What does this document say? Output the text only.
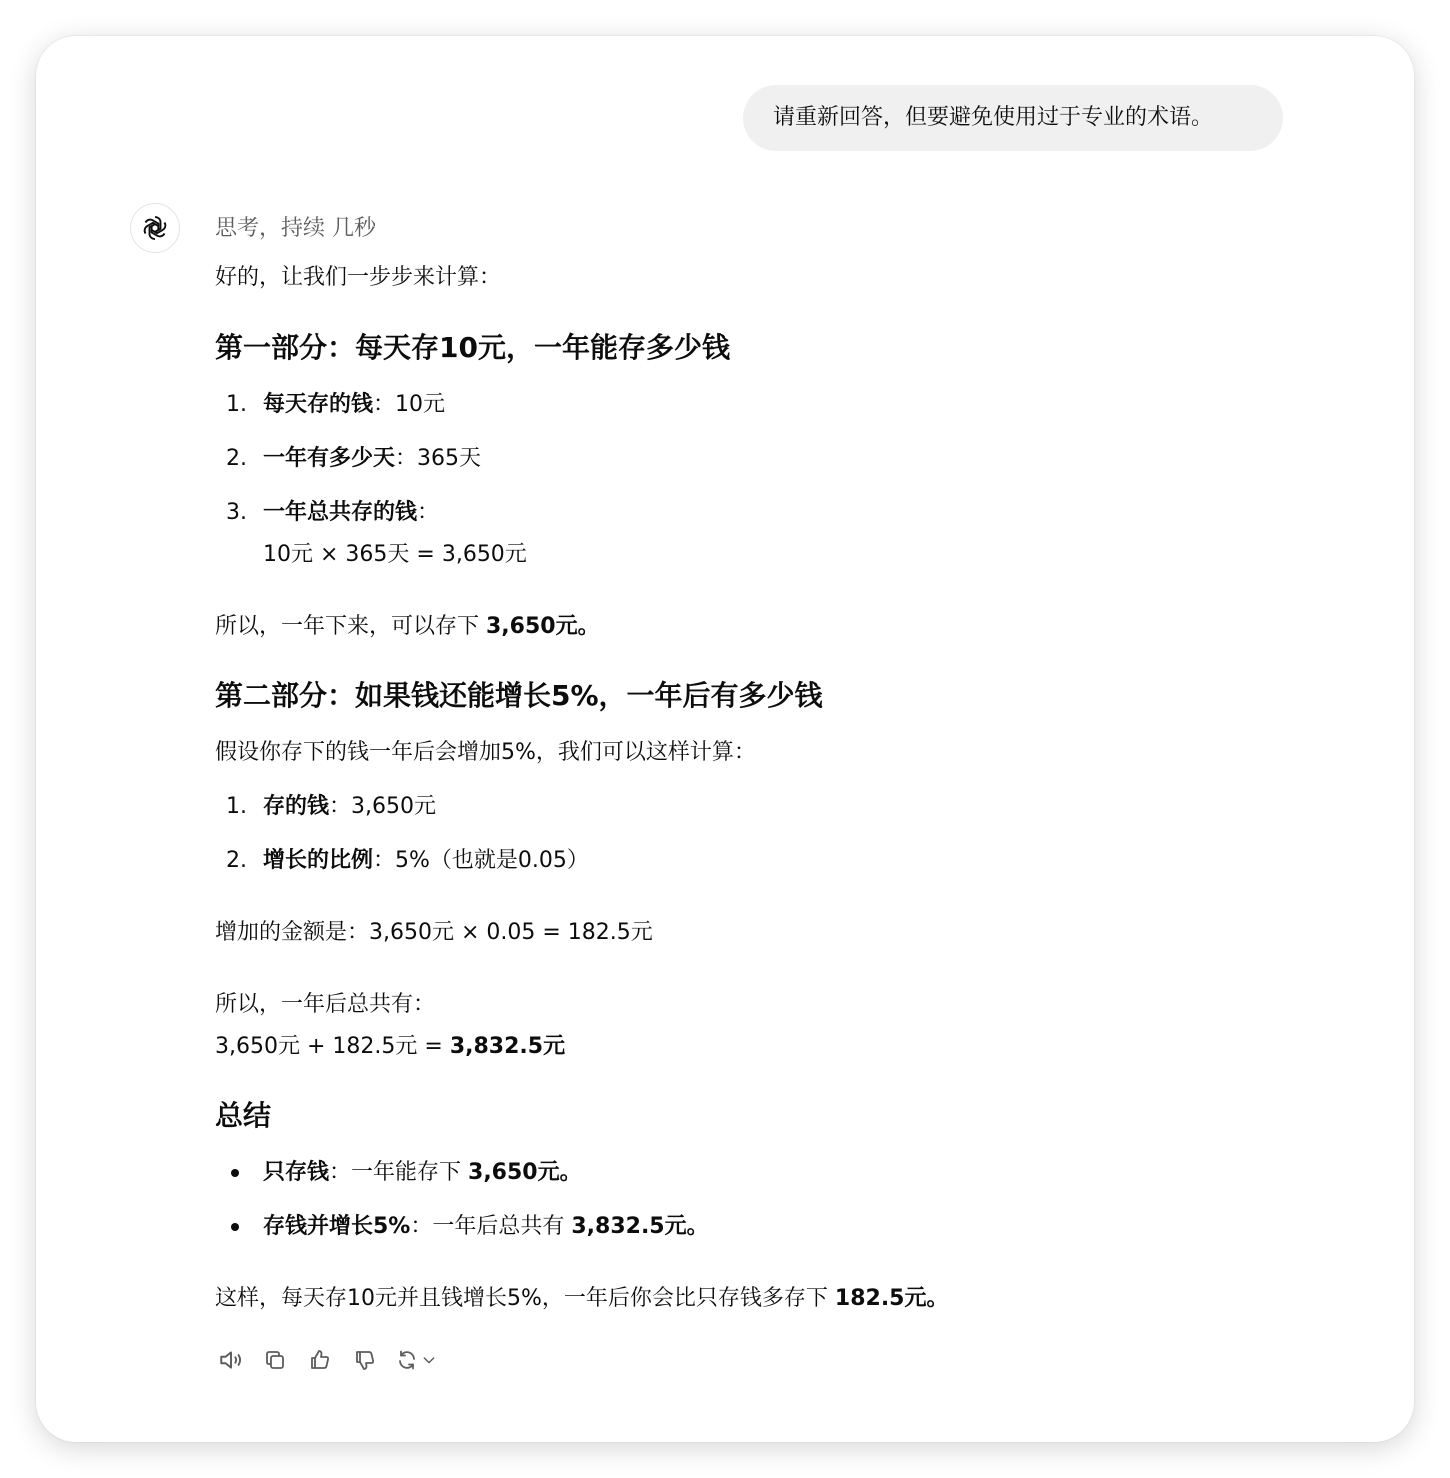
请重新回答，但要避免使用过于专业的术语。
思考，持续 几秒
好的，让我们一步步来计算：
第一部分：每天存10元，一年能存多少钱
1. 每天存的钱：10元
2. 一年有多少天：365天
3. 一年总共存的钱：
10元 × 365天 = 3,650元
所以，一年下来，可以存下 3,650元。
第二部分：如果钱还能增长5%，一年后有多少钱
假设你存下的钱一年后会增加5%，我们可以这样计算：
1. 存的钱：3,650元
2. 增长的比例：5%（也就是0.05）
增加的金额是：3,650元 × 0.05 = 182.5元
所以，一年后总共有：
3,650元 + 182.5元 = 3,832.5元
总结
只存钱：一年能存下 3,650元。
存钱并增长5%：一年后总共有 3,832.5元。
这样，每天存10元并且钱增长5%，一年后你会比只存钱多存下 182.5元。
